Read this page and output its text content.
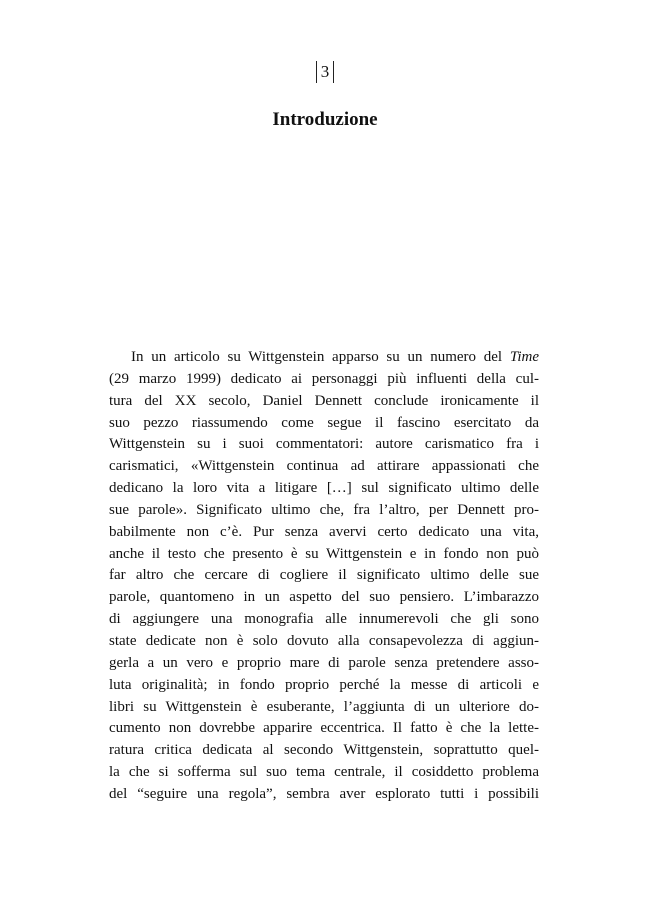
3
Introduzione
In un articolo su Wittgenstein apparso su un numero del Time
(29 marzo 1999) dedicato ai personaggi più influenti della cul-
tura del XX secolo, Daniel Dennett conclude ironicamente il
suo pezzo riassumendo come segue il fascino esercitato da
Wittgenstein su i suoi commentatori: autore carismatico fra i
carismatici, «Wittgenstein continua ad attirare appassionati che
dedicano la loro vita a litigare […] sul significato ultimo delle
sue parole». Significato ultimo che, fra l’altro, per Dennett pro-
babilmente non c’è. Pur senza avervi certo dedicato una vita,
anche il testo che presento è su Wittgenstein e in fondo non può
far altro che cercare di cogliere il significato ultimo delle sue
parole, quantomeno in un aspetto del suo pensiero. L’imbarazzo
di aggiungere una monografia alle innumerevoli che gli sono
state dedicate non è solo dovuto alla consapevolezza di aggiun-
gerla a un vero e proprio mare di parole senza pretendere asso-
luta originalità; in fondo proprio perché la messe di articoli e
libri su Wittgenstein è esuberante, l’aggiunta di un ulteriore do-
cumento non dovrebbe apparire eccentrica. Il fatto è che la lette-
ratura critica dedicata al secondo Wittgenstein, soprattutto quel-
la che si sofferma sul suo tema centrale, il cosiddetto problema
del “seguire una regola”, sembra aver esplorato tutti i possibili
